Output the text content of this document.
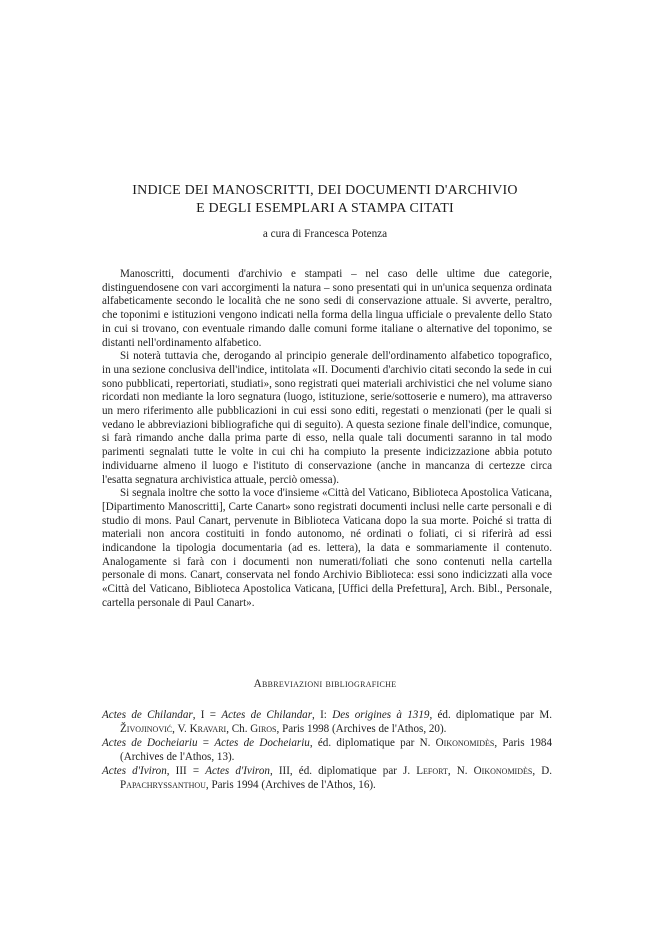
INDICE DEI MANOSCRITTI, DEI DOCUMENTI D'ARCHIVIO
E DEGLI ESEMPLARI A STAMPA CITATI
a cura di Francesca Potenza

Manoscritti, documenti d'archivio e stampati – nel caso delle ultime due categorie, distinguendosene con vari accorgimenti la natura – sono presentati qui in un'unica sequenza ordinata alfabeticamente secondo le località che ne sono sedi di conservazione attuale. Si avverte, peraltro, che toponimi e istituzioni vengono indicati nella forma della lingua ufficiale o prevalente dello Stato in cui si trovano, con eventuale rimando dalle comuni forme italiane o alternative del toponimo, se distanti nell'ordinamento alfabetico.

Si noterà tuttavia che, derogando al principio generale dell'ordinamento alfabetico topografico, in una sezione conclusiva dell'indice, intitolata «II. Documenti d'archivio citati secondo la sede in cui sono pubblicati, repertoriati, studiati», sono registrati quei materiali archivistici che nel volume siano ricordati non mediante la loro segnatura (luogo, istituzione, serie/sottoserie e numero), ma attraverso un mero riferimento alle pubblicazioni in cui essi sono editi, regestati o menzionati (per le quali si vedano le abbreviazioni bibliografiche qui di seguito). A questa sezione finale dell'indice, comunque, si farà rimando anche dalla prima parte di esso, nella quale tali documenti saranno in tal modo parimenti segnalati tutte le volte in cui chi ha compiuto la presente indicizzazione abbia potuto individuarne almeno il luogo e l'istituto di conservazione (anche in mancanza di certezze circa l'esatta segnatura archivistica attuale, perciò omessa).

Si segnala inoltre che sotto la voce d'insieme «Città del Vaticano, Biblioteca Apostolica Vaticana, [Dipartimento Manoscritti], Carte Canart» sono registrati documenti inclusi nelle carte personali e di studio di mons. Paul Canart, pervenute in Biblioteca Vaticana dopo la sua morte. Poiché si tratta di materiali non ancora costituiti in fondo autonomo, né ordinati o foliati, ci si riferirà ad essi indicandone la tipologia documentaria (ad es. lettera), la data e sommariamente il contenuto. Analogamente si farà con i documenti non numerati/foliati che sono contenuti nella cartella personale di mons. Canart, conservata nel fondo Archivio Biblioteca: essi sono indicizzati alla voce «Città del Vaticano, Biblioteca Apostolica Vaticana, [Uffici della Prefettura], Arch. Bibl., Personale, cartella personale di Paul Canart».

Abbreviazioni bibliografiche

Actes de Chilandar, I = Actes de Chilandar, I: Des origines à 1319, éd. diplomatique par M. Živojinović, V. Kravari, Ch. Giros, Paris 1998 (Archives de l'Athos, 20).

Actes de Docheiariu = Actes de Docheiariu, éd. diplomatique par N. Oikonomidès, Paris 1984 (Archives de l'Athos, 13).

Actes d'Iviron, III = Actes d'Iviron, III, éd. diplomatique par J. Lefort, N. Oikonomidès, D. Papachryssanthou, Paris 1994 (Archives de l'Athos, 16).
